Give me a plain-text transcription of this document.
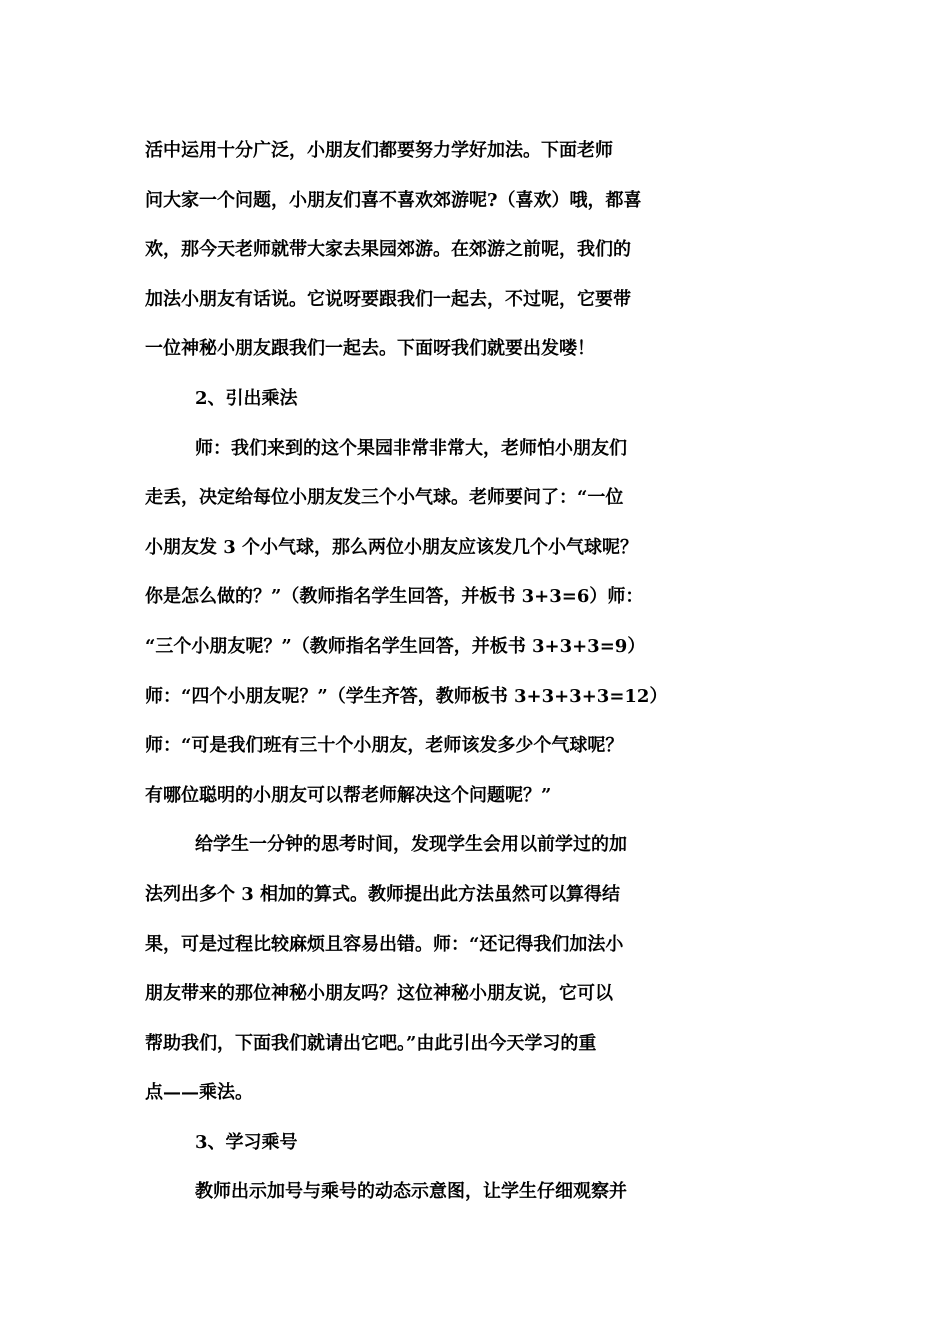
活中运用十分广泛，小朋友们都要努力学好加法。下面老师
问大家一个问题，小朋友们喜不喜欢郊游呢?（喜欢）哦，都喜
欢，那今天老师就带大家去果园郊游。在郊游之前呢，我们的
加法小朋友有话说。它说呀要跟我们一起去，不过呢，它要带
一位神秘小朋友跟我们一起去。下面呀我们就要出发喽！
2、引出乘法
师：我们来到的这个果园非常非常大，老师怕小朋友们
走丢，决定给每位小朋友发三个小气球。老师要问了：“一位
小朋友发 3 个小气球，那么两位小朋友应该发几个小气球呢？
你是怎么做的？”（教师指名学生回答，并板书 3+3=6）师：
“三个小朋友呢？”（教师指名学生回答，并板书 3+3+3=9）
师：“四个小朋友呢？”（学生齐答，教师板书 3+3+3+3=12）
师：“可是我们班有三十个小朋友，老师该发多少个气球呢？
有哪位聪明的小朋友可以帮老师解决这个问题呢？”
给学生一分钟的思考时间，发现学生会用以前学过的加
法列出多个 3 相加的算式。教师提出此方法虽然可以算得结
果，可是过程比较麻烦且容易出错。师：“还记得我们加法小
朋友带来的那位神秘小朋友吗？这位神秘小朋友说，它可以
帮助我们，下面我们就请出它吧。”由此引出今天学习的重
点——乘法。
3、学习乘号
教师出示加号与乘号的动态示意图，让学生仔细观察并
